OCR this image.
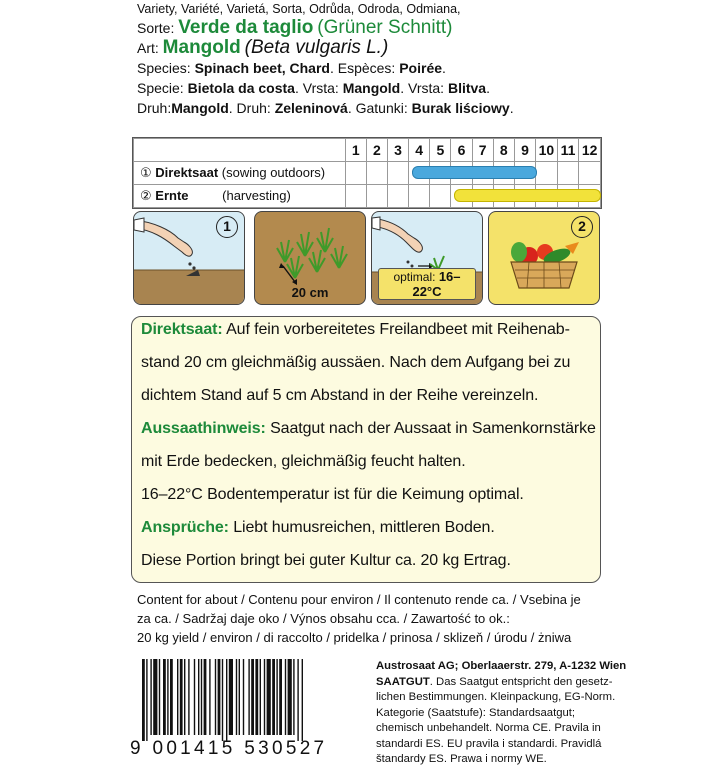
Variety, Variété, Varietá, Sorta, Odrůda, Odroda, Odmiana,
Sorte: Verde da taglio (Grüner Schnitt)
Art: Mangold (Beta vulgaris L.)
Species: Spinach beet, Chard. Espèces: Poirée.
Specie: Bietola da costa. Vrsta: Mangold. Vrsta: Blitva.
Druh:Mangold. Druh: Zeleninová. Gatunki: Burak liściowy.
	1	2	3	4	5	6	7	8	9	10	11	12
① Direktsaat (sowing outdoors)												
② Ernte (harvesting)												
1
20 cm
optimal: 16–22°C
2

Direktsaat: Auf fein vorbereitetes Freilandbeet mit Reihenab-

stand 20 cm gleichmäßig aussäen. Nach dem Aufgang bei zu

dichtem Stand auf 5 cm Abstand in der Reihe vereinzeln.

Aussaathinweis: Saatgut nach der Aussaat in Samenkornstärke

mit Erde bedecken, gleichmäßig feucht halten.

16–22°C Bodentemperatur ist für die Keimung optimal.

Ansprüche: Liebt humusreichen, mittleren Boden.

Diese Portion bringt bei guter Kultur ca. 20 kg Ertrag.

Content for about / Contenu pour environ / Il contenuto rende ca. / Vsebina je
za ca. / Sadržaj daje oko / Výnos obsahu cca. / Zawartość to ok.:
20 kg yield / environ / di raccolto / pridelka / prinosa / sklizeň / úrodu / żniwa
9 001415 530527
Austrosaat AG; Oberlaaerstr. 279, A-1232 Wien
SAATGUT. Das Saatgut entspricht den gesetz-
lichen Bestimmungen. Kleinpackung, EG-Norm.
Kategorie (Saatstufe): Standardsaatgut;
chemisch unbehandelt. Norma CE. Pravila in
standardi ES. EU pravila i standardi. Pravidlá
štandardy ES. Prawa i normy WE.
